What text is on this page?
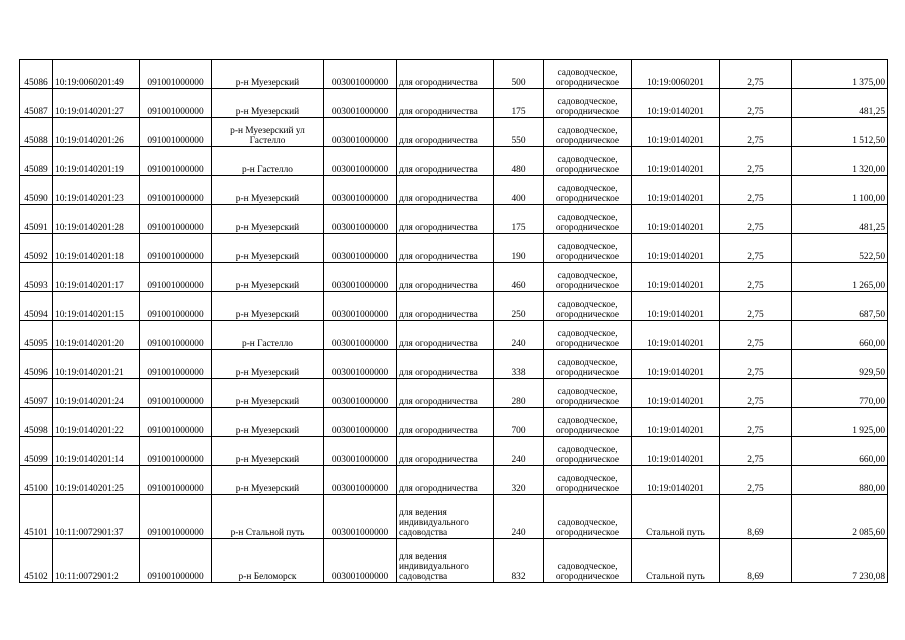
45086	10:19:0060201:49	091001000000	р-н Муезерский	003001000000	для огородничества	500	садоводческое, огородническое	10:19:0060201	2,75	1 375,00
45087	10:19:0140201:27	091001000000	р-н Муезерский	003001000000	для огородничества	175	садоводческое, огородническое	10:19:0140201	2,75	481,25
45088	10:19:0140201:26	091001000000	р-н Муезерский ул Гастелло	003001000000	для огородничества	550	садоводческое, огородническое	10:19:0140201	2,75	1 512,50
45089	10:19:0140201:19	091001000000	р-н Гастелло	003001000000	для огородничества	480	садоводческое, огородническое	10:19:0140201	2,75	1 320,00
45090	10:19:0140201:23	091001000000	р-н Муезерский	003001000000	для огородничества	400	садоводческое, огородническое	10:19:0140201	2,75	1 100,00
45091	10:19:0140201:28	091001000000	р-н Муезерский	003001000000	для огородничества	175	садоводческое, огородническое	10:19:0140201	2,75	481,25
45092	10:19:0140201:18	091001000000	р-н Муезерский	003001000000	для огородничества	190	садоводческое, огородническое	10:19:0140201	2,75	522,50
45093	10:19:0140201:17	091001000000	р-н Муезерский	003001000000	для огородничества	460	садоводческое, огородническое	10:19:0140201	2,75	1 265,00
45094	10:19:0140201:15	091001000000	р-н Муезерский	003001000000	для огородничества	250	садоводческое, огородническое	10:19:0140201	2,75	687,50
45095	10:19:0140201:20	091001000000	р-н Гастелло	003001000000	для огородничества	240	садоводческое, огородническое	10:19:0140201	2,75	660,00
45096	10:19:0140201:21	091001000000	р-н Муезерский	003001000000	для огородничества	338	садоводческое, огородническое	10:19:0140201	2,75	929,50
45097	10:19:0140201:24	091001000000	р-н Муезерский	003001000000	для огородничества	280	садоводческое, огородническое	10:19:0140201	2,75	770,00
45098	10:19:0140201:22	091001000000	р-н Муезерский	003001000000	для огородничества	700	садоводческое, огородническое	10:19:0140201	2,75	1 925,00
45099	10:19:0140201:14	091001000000	р-н Муезерский	003001000000	для огородничества	240	садоводческое, огородническое	10:19:0140201	2,75	660,00
45100	10:19:0140201:25	091001000000	р-н Муезерский	003001000000	для огородничества	320	садоводческое, огородническое	10:19:0140201	2,75	880,00
45101	10:11:0072901:37	091001000000	р-н Стальной путь	003001000000	для ведения индивидуального садоводства	240	садоводческое, огородническое	Стальной путь	8,69	2 085,60
45102	10:11:0072901:2	091001000000	р-н Беломорск	003001000000	для ведения индивидуального садоводства	832	садоводческое, огородническое	Стальной путь	8,69	7 230,08
